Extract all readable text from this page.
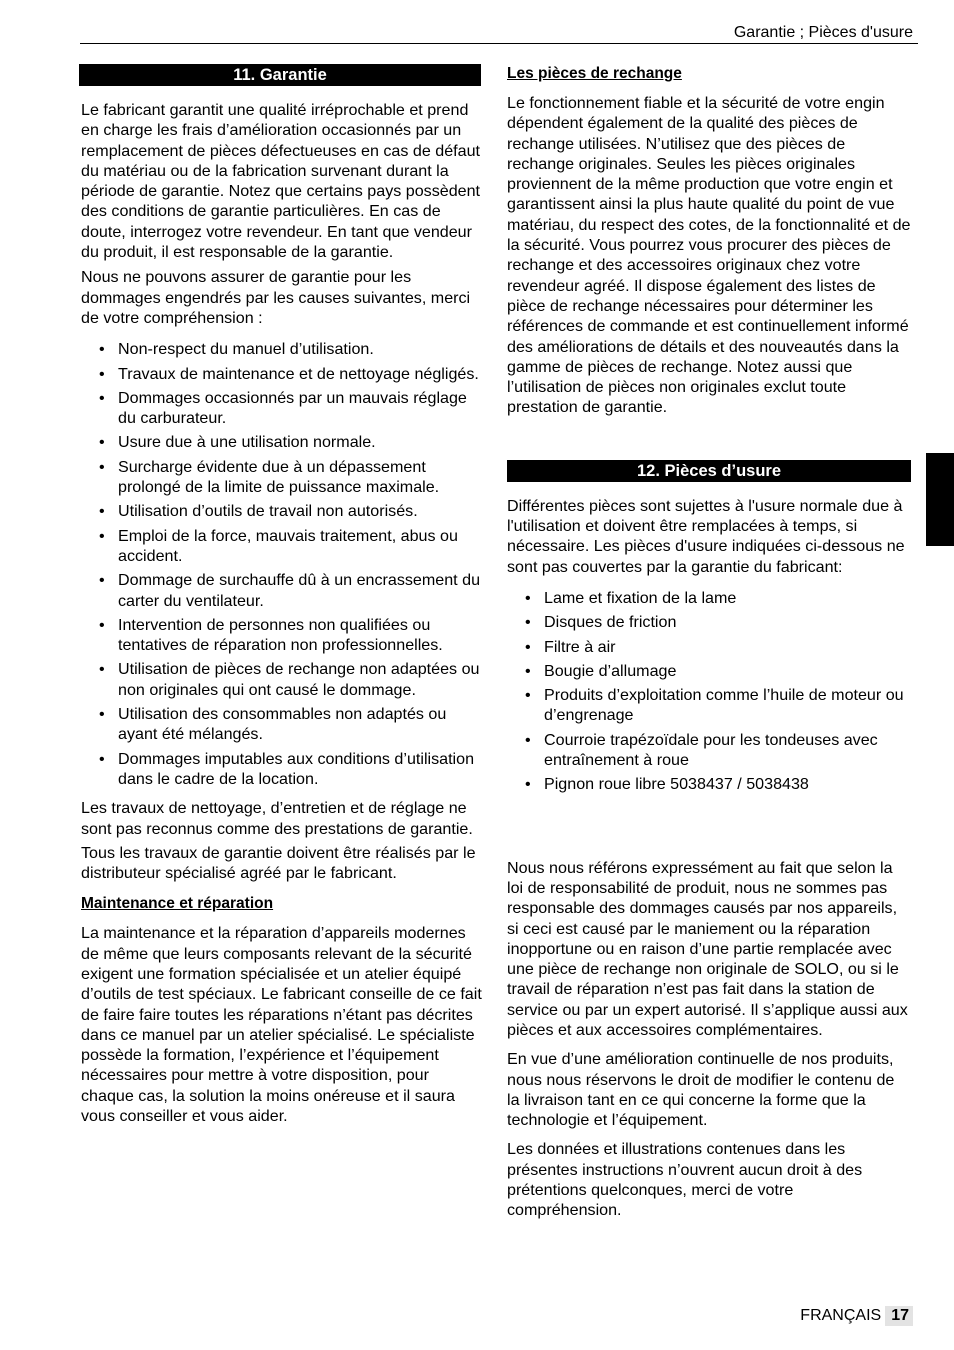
Garantie ; Pièces d'usure
11. Garantie

Le fabricant garantit une qualité irréprochable et prend en charge les frais d’amélioration occasionnés par un remplacement de pièces défectueuses en cas de défaut du matériau ou de la fabrication survenant durant la période de garantie. Notez que certains pays possèdent des conditions de garantie particulières. En cas de doute, interrogez votre revendeur. En tant que vendeur du produit, il est responsable de la garantie.

Nous ne pouvons assurer de garantie pour les dommages engendrés par les causes suivantes, merci de votre compréhension :

• Non-respect du manuel d’utilisation.
• Travaux de maintenance et de nettoyage négligés.
• Dommages occasionnés par un mauvais réglage du carburateur.
• Usure due à une utilisation normale.
• Surcharge évidente due à un dépassement prolongé de la limite de puissance maximale.
• Utilisation d’outils de travail non autorisés.
• Emploi de la force, mauvais traitement, abus ou accident.
• Dommage de surchauffe dû à un encrassement du carter du ventilateur.
• Intervention de personnes non qualifiées ou tentatives de réparation non professionnelles.
• Utilisation de pièces de rechange non adaptées ou non originales qui ont causé le dommage.
• Utilisation des consommables non adaptés ou ayant été mélangés.
• Dommages imputables aux conditions d’utilisation dans le cadre de la location.

Les travaux de nettoyage, d’entretien et de réglage ne sont pas reconnus comme des prestations de garantie.

Tous les travaux de garantie doivent être réalisés par le distributeur spécialisé agréé par le fabricant.

Maintenance et réparation

La maintenance et la réparation d’appareils modernes de même que leurs composants relevant de la sécurité exigent une formation spécialisée et un atelier équipé d’outils de test spéciaux. Le fabricant conseille de ce fait de faire faire toutes les réparations n’étant pas décrites dans ce manuel par un atelier spécialisé. Le spécialiste possède la formation, l’expérience et l’équipement nécessaires pour mettre à votre disposition, pour chaque cas, la solution la moins onéreuse et il saura vous conseiller et vous aider.

Les pièces de rechange

Le fonctionnement fiable et la sécurité de votre engin dépendent également de la qualité des pièces de rechange utilisées. N’utilisez que des pièces de rechange originales. Seules les pièces originales proviennent de la même production que votre engin et garantissent ainsi la plus haute qualité du point de vue matériau, du respect des cotes, de la fonctionnalité et de la sécurité. Vous pourrez vous procurer des pièces de rechange et des accessoires originaux chez votre revendeur agréé. Il dispose également des listes de pièce de rechange nécessaires pour déterminer les références de commande et est continuellement informé des améliorations de détails et des nouveautés dans la gamme de pièces de rechange. Notez aussi que l’utilisation de pièces non originales exclut toute prestation de garantie.

12. Pièces d’usure

Différentes pièces sont sujettes à l'usure normale due à l'utilisation et doivent être remplacées à temps, si nécessaire. Les pièces d'usure indiquées ci-dessous ne sont pas couvertes par la garantie du fabricant:

• Lame et fixation de la lame
• Disques de friction
• Filtre à air
• Bougie d’allumage
• Produits d’exploitation comme l’huile de moteur ou d’engrenage
• Courroie trapézoïdale pour les tondeuses avec entraînement à roue
• Pignon roue libre 5038437 / 5038438

Nous nous référons expressément au fait que selon la loi de responsabilité de produit, nous ne sommes pas responsable des dommages causés par nos appareils, si ceci est causé par le maniement ou la réparation inopportune ou en raison d’une partie remplacée avec une pièce de rechange non originale de SOLO, ou si le travail de réparation n’est pas fait dans la station de service ou par un expert autorisé. Il s’applique aussi aux pièces et aux accessoires complémentaires.

En vue d’une amélioration continuelle de nos produits, nous nous réservons le droit de modifier le contenu de la livraison tant en ce qui concerne la forme que la technologie et l’équipement.

Les données et illustrations contenues dans les présentes instructions n’ouvrent aucun droit à des prétentions quelconques, merci de votre compréhension.

FRANÇAIS 17
